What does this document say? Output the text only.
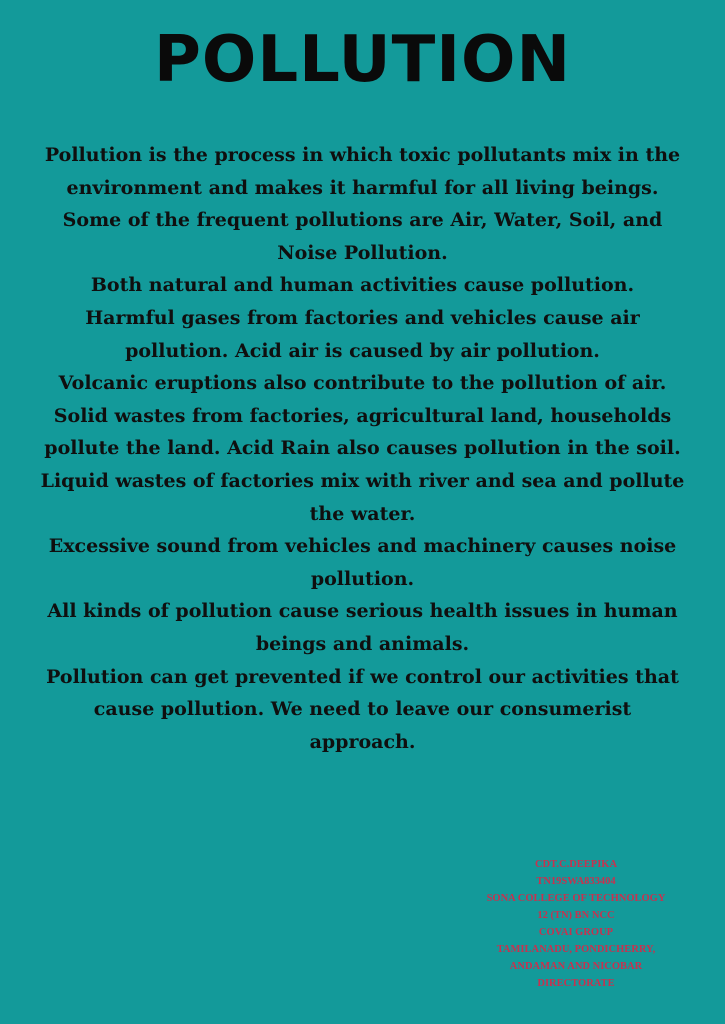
POLLUTION

Pollution is the process in which toxic pollutants mix in the environment and makes it harmful for all living beings.

Some of the frequent pollutions are Air, Water, Soil, and Noise Pollution.

Both natural and human activities cause pollution.

Harmful gases from factories and vehicles cause air pollution. Acid air is caused by air pollution.

Volcanic eruptions also contribute to the pollution of air.

Solid wastes from factories, agricultural land, households pollute the land. Acid Rain also causes pollution in the soil.

Liquid wastes of factories mix with river and sea and pollute the water.

Excessive sound from vehicles and machinery causes noise pollution.

All kinds of pollution cause serious health issues in human beings and animals.

Pollution can get prevented if we control our activities that cause pollution. We need to leave our consumerist approach.

CDT.C.DEEPIKA
TN19SWA833404
SONA COLLEGE OF TECHNOLOGY
12 (TN) BN NCC
COVAI GROUP
TAMILANADU, PONDICHERRY,
ANDAMAN AND NICOBAR
DIRECTORATE
